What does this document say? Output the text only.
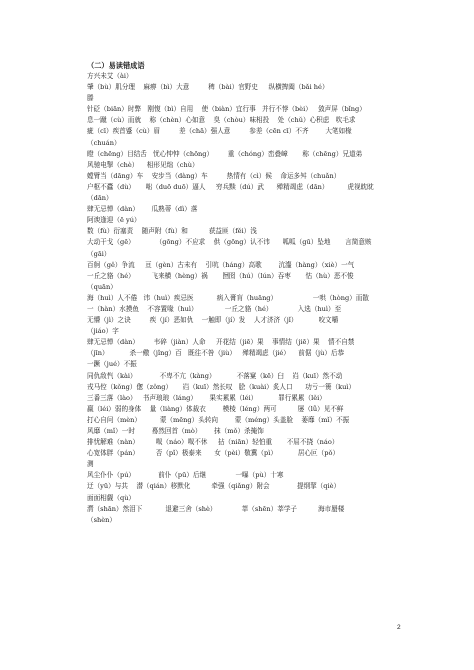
（二）易读错成语
方兴未艾（ài）
肇（bù）肌分理    麻痹（bì）大意         稗（bài）官野史     纵横捭阖（bǎi hé）
滕
针砭（biān）时弊   刚愎（bì）自用    使（biàn）宜行事   并行不悖（bèi）   敛声屏（bǐng）
息一蹴（cù）而就    称（chèn）心如意    臭（chòu）味相投    处（chǔ）心积虑   吹毛求
疵（cī）疾首蹙（cù）眉         差（chā）强人意         参差（cēn cī）不齐        大笔如椽
（chuán）
瞪（chēng）目结舌   忧心忡忡（chōng）       重（chóng）峦叠嶂       称（chēng）兄道弟
风驰电掣（chè）    相形见绌（chù）
螳臂当（dāng）车    安步当（dàng）车         热情有（cì）候    命运多舛（chuǎn）
户枢不蠹（dù）     咄（duō duō）逼人     穷兵黩（dú）武      殚精竭虑（dān）         虎视眈眈
（dān）
肆无忌惮（dàn）      瓜熟蒂（dì）落
阿谀逢迎（ē yú）
数（fù）衍塞责    随声附（fù）和          获益匪（fěi）浅
大动干戈（gē）          （gōng）不应求    供（gōng）认不讳      呱呱（gū）坠地       言简意赅
（gāi）
百舸（gě）争流     亘（gèn）古未有    引吭（háng）高歌        沆瀣（hàng）（xiè）一气
一丘之貉（hé）        飞来横（hèng）祸       囫囵（hú）（lún）吞枣       怙（hù）恶不悛
（quān）
海（huì）人不倦   讳（huì）疾忌医           病入膏肓（huāng）                 一哄（hòng）而散
一（hàn）水摸鱼    不容置喙（huì）             一丘之貉（hé）            入选（huì）至
无懵（jì）之诀         疾（jí）恶如仇    一触即（jí）发    人才济济（jǐ）          咬文嚼
（jiáo）字
肆无忌惮（dàn）       韦碎（jiàn）人命     开花结（jiē）果    事情结（jiē）果    情不自禁
（jīn）          杀一儆（jǐng）百   既往不咎（jiù）   殚精竭虑（jié）    前倨（jù）后恭
一蹶（jué）不振
同仇敌忾（kài）           不卑不亢（kàng）          不落窠（kē）臼    岿（kuī）然不动
戎马倥（kǒng）偬（zǒng）     岿（kuī）然长叹   脍（kuài）炙人口      功亏一篑（kuì）
三番三落（lào）   书声琅琅（láng）      果实累累（léi）          罪行累累（lěi）
羸（léi）弱的身体    量（liàng）体裁衣        模棱（léng）两可          屡（lǚ）见不鲜
打心自问（mèn）         蒙（mēng）头转向        蒙（méng）头盖脸    萎靡（mǐ）不振
风靡（mǐ）一时        蓦然回首（mò）      抹（mǒ）杀掩饰
排忧解难（nàn）        呶（náo）呶不休     拈（niān）轻怕重       不屈不挠（náo）
心宽体胖（pán）        否（pǐ）极泰来      女（pèi）敬冀（pì）          居心叵（pǒ）
测
风尘仆仆（pú）           前仆（pū）后继              一曝（pù）十寒
迂（yū）与共    潜（qián）移默化          牵强（qiǎng）附会             提纲挈（qiè）
面面相觑（qù）
潸（shān）然泪下           退避三舍（shè）            莘（shēn）莘学子          海市蜃楼
（shèn）
2
